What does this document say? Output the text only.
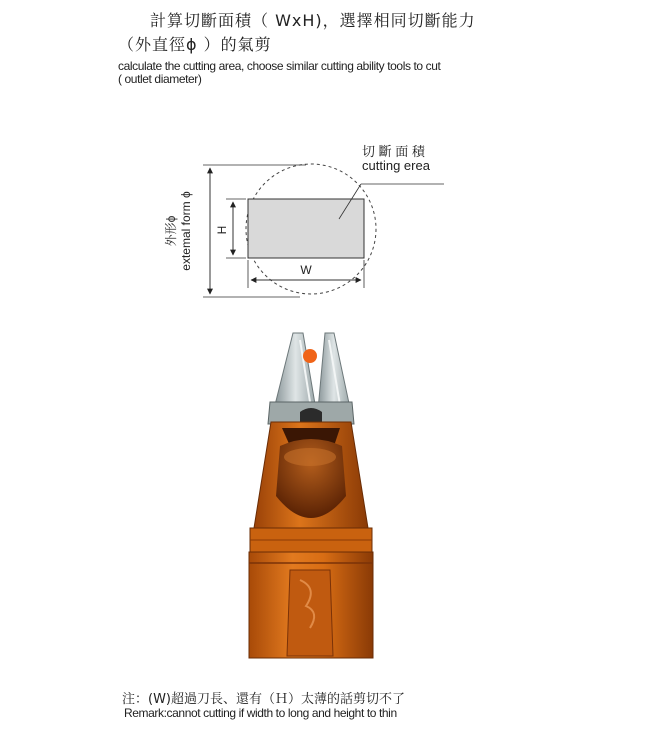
計算切斷面積（ WxH)，選擇相同切斷能力
（外直徑ϕ ）的氣剪
calculate the cutting area, choose similar cutting ability tools to cut
( outlet diameter)
切 斷 面 積
cutting erea
外形ϕ extemal form ϕ H
W
注：(W)超過刀長、還有（Ｈ）太薄的話剪切不了
Remark:cannot cutting if width to long and height to thin
